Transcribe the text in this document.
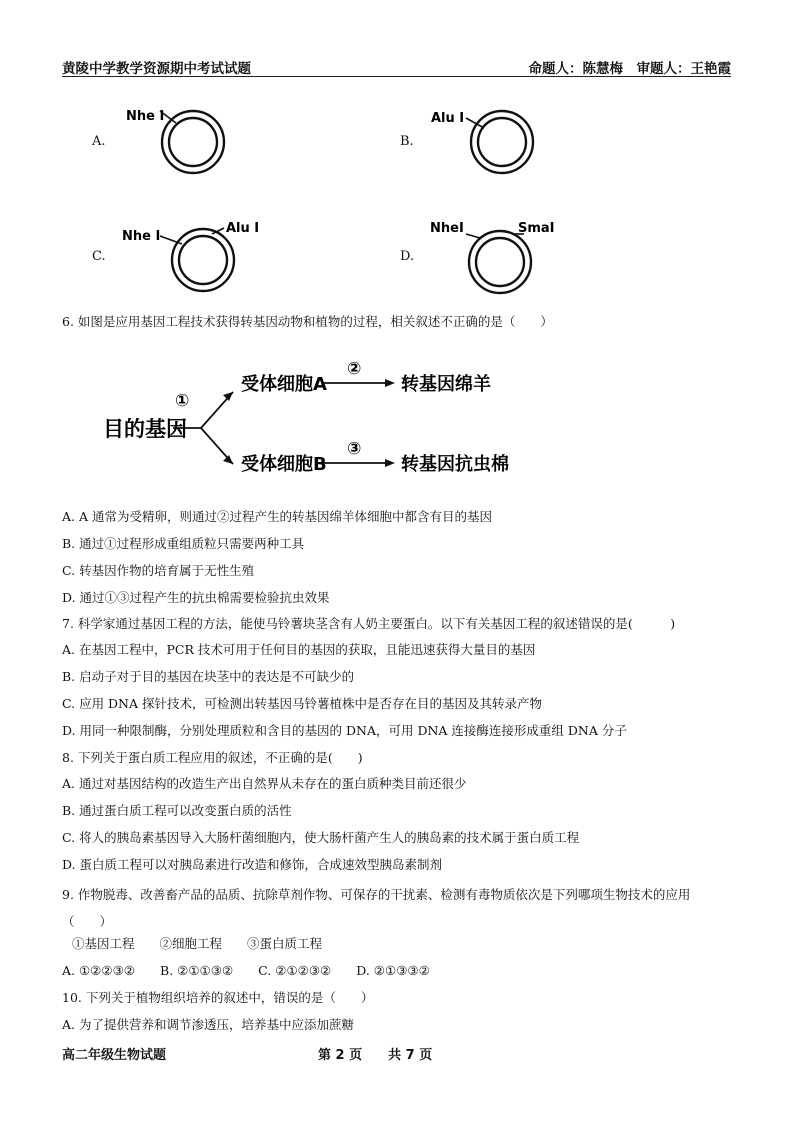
黄陵中学教学资源期中考试试题	命题人：陈慧梅　审题人：王艳霞
A.
Nhe Ⅰ
B.
Alu Ⅰ
C.
Nhe Ⅰ
Alu Ⅰ
D.
NheⅠ	SmaⅠ
6. 如图是应用基因工程技术获得转基因动物和植物的过程，相关叙述不正确的是（　　）
目的基因
①
受体细胞A
②
转基因绵羊
受体细胞B
③
转基因抗虫棉
A. A 通常为受精卵，则通过②过程产生的转基因绵羊体细胞中都含有目的基因
B. 通过①过程形成重组质粒只需要两种工具
C. 转基因作物的培育属于无性生殖
D. 通过①③过程产生的抗虫棉需要检验抗虫效果
7. 科学家通过基因工程的方法，能使马铃薯块茎含有人奶主要蛋白。以下有关基因工程的叙述错误的是(　　　)
A. 在基因工程中，PCR 技术可用于任何目的基因的获取，且能迅速获得大量目的基因
B. 启动子对于目的基因在块茎中的表达是不可缺少的
C. 应用 DNA 探针技术，可检测出转基因马铃薯植株中是否存在目的基因及其转录产物
D. 用同一种限制酶，分别处理质粒和含目的基因的 DNA，可用 DNA 连接酶连接形成重组 DNA 分子
8. 下列关于蛋白质工程应用的叙述，不正确的是(　　)
A. 通过对基因结构的改造生产出自然界从未存在的蛋白质种类目前还很少
B. 通过蛋白质工程可以改变蛋白质的活性
C. 将人的胰岛素基因导入大肠杆菌细胞内，使大肠杆菌产生人的胰岛素的技术属于蛋白质工程
D. 蛋白质工程可以对胰岛素进行改造和修饰，合成速效型胰岛素制剂
9. 作物脱毒、改善畜产品的品质、抗除草剂作物、可保存的干扰素、检测有毒物质依次是下列哪项生物技术的应用（　　）
①基因工程　　②细胞工程　　③蛋白质工程
A. ①②②③②　　B. ②①①③②　　C. ②①②③②　　D. ②①③③②
10. 下列关于植物组织培养的叙述中，错误的是（　　）
A. 为了提供营养和调节渗透压，培养基中应添加蔗糖
高二年级生物试题	第 2 页　　共 7 页
